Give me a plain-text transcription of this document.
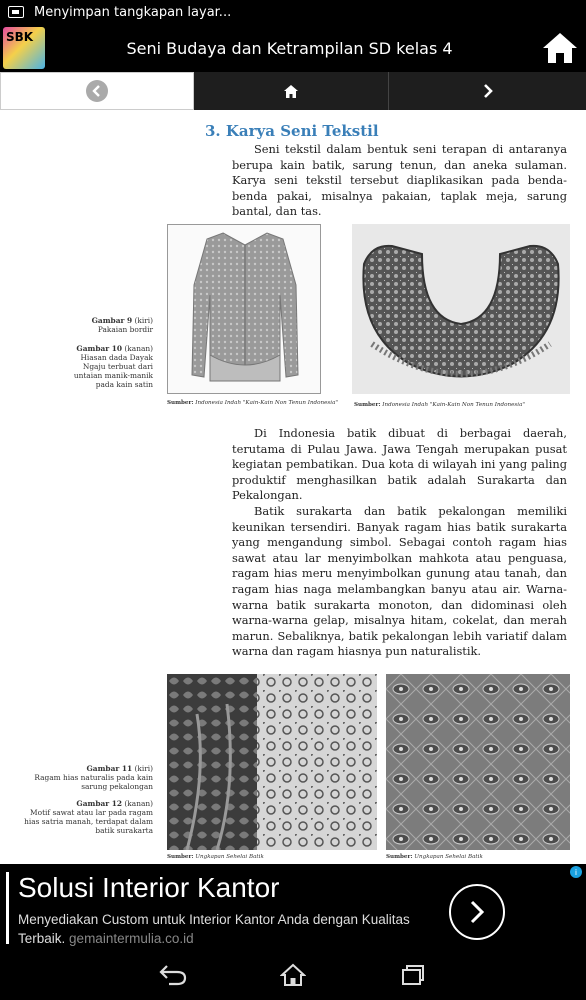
Menyimpan tangkapan layar...
SBK
Seni Budaya dan Ketrampilan SD kelas 4
3. Karya Seni Tekstil

Seni tekstil dalam bentuk seni terapan di antaranya berupa kain batik, sarung tenun, dan aneka sulaman. Karya seni tekstil tersebut diaplikasikan pada benda-benda pakai, misalnya pakaian, taplak meja, sarung bantal, dan tas.

Gambar 9 (kiri)
Pakaian bordir
Gambar 10 (kanan)
Hiasan dada Dayak Ngaju terbuat dari untaian manik-manik pada kain satin
Sumber: Indonesia Indah "Kain-Kain Non Tenun Indonesia"	Sumber: Indonesia Indah "Kain-Kain Non Tenun Indonesia"

Di Indonesia batik dibuat di berbagai daerah, terutama di Pulau Jawa. Jawa Tengah merupakan pusat kegiatan pembatikan. Dua kota di wilayah ini yang paling produktif menghasilkan batik adalah Surakarta dan Pekalongan.

Batik surakarta dan batik pekalongan memiliki keunikan tersendiri. Banyak ragam hias batik surakarta yang mengandung simbol. Sebagai contoh ragam hias sawat atau lar menyimbolkan mahkota atau penguasa, ragam hias meru menyimbolkan gunung atau tanah, dan ragam hias naga melambangkan banyu atau air. Warna-warna batik surakarta monoton, dan didominasi oleh warna-warna gelap, misalnya hitam, cokelat, dan merah marun. Sebaliknya, batik pekalongan lebih variatif dalam warna dan ragam hiasnya pun naturalistik.

Gambar 11 (kiri)
Ragam hias naturalis pada kain sarung pekalongan
Gambar 12 (kanan)
Motif sawat atau lar pada ragam hias satria manah, terdapat dalam batik surakarta
Sumber: Ungkapan Sehelai Batik	Sumber: Ungkapan Sehelai Batik
Solusi Interior Kantor
Menyediakan Custom untuk Interior Kantor Anda dengan Kualitas Terbaik. gemaintermulia.co.id
i
